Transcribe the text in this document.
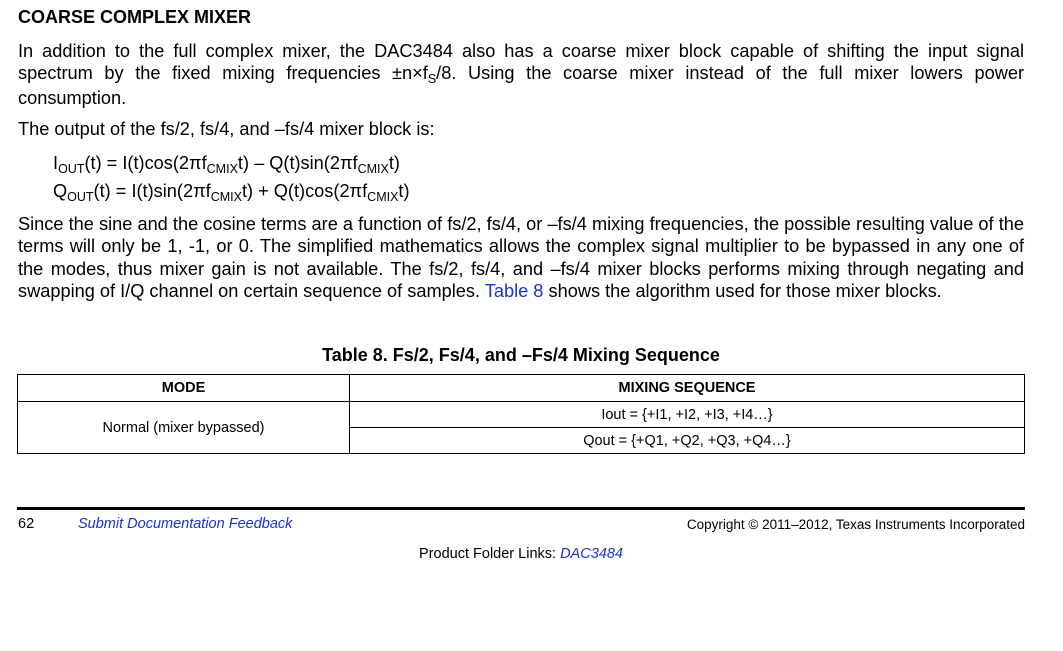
COARSE COMPLEX MIXER

In addition to the full complex mixer, the DAC3484 also has a coarse mixer block capable of shifting the input signal spectrum by the fixed mixing frequencies $\pm n\times f_S/8$. Using the coarse mixer instead of the full mixer lowers power consumption.

The output of the fs/2, fs/4, and –fs/4 mixer block is:

$I_{OUT}(t) = I(t)\cos(2\pi f_{CMIX}t) - Q(t)\sin(2\pi f_{CMIX}t)$
$Q_{OUT}(t) = I(t)\sin(2\pi f_{CMIX}t) + Q(t)\cos(2\pi f_{CMIX}t)$

Since the sine and the cosine terms are a function of fs/2, fs/4, or –fs/4 mixing frequencies, the possible resulting value of the terms will only be 1, -1, or 0. The simplified mathematics allows the complex signal multiplier to be bypassed in any one of the modes, thus mixer gain is not available. The fs/2, fs/4, and –fs/4 mixer blocks performs mixing through negating and swapping of I/Q channel on certain sequence of samples. Table 8 shows the algorithm used for those mixer blocks.

Table 8. Fs/2, Fs/4, and –Fs/4 Mixing Sequence
MODE	MIXING SEQUENCE
Normal (mixer bypassed)
Iout = {+I1, +I2, +I3, +I4…}
Qout = {+Q1, +Q2, +Q3, +Q4…}
62	Submit Documentation Feedback	Copyright © 2011–2012, Texas Instruments Incorporated
Product Folder Links: DAC3484
